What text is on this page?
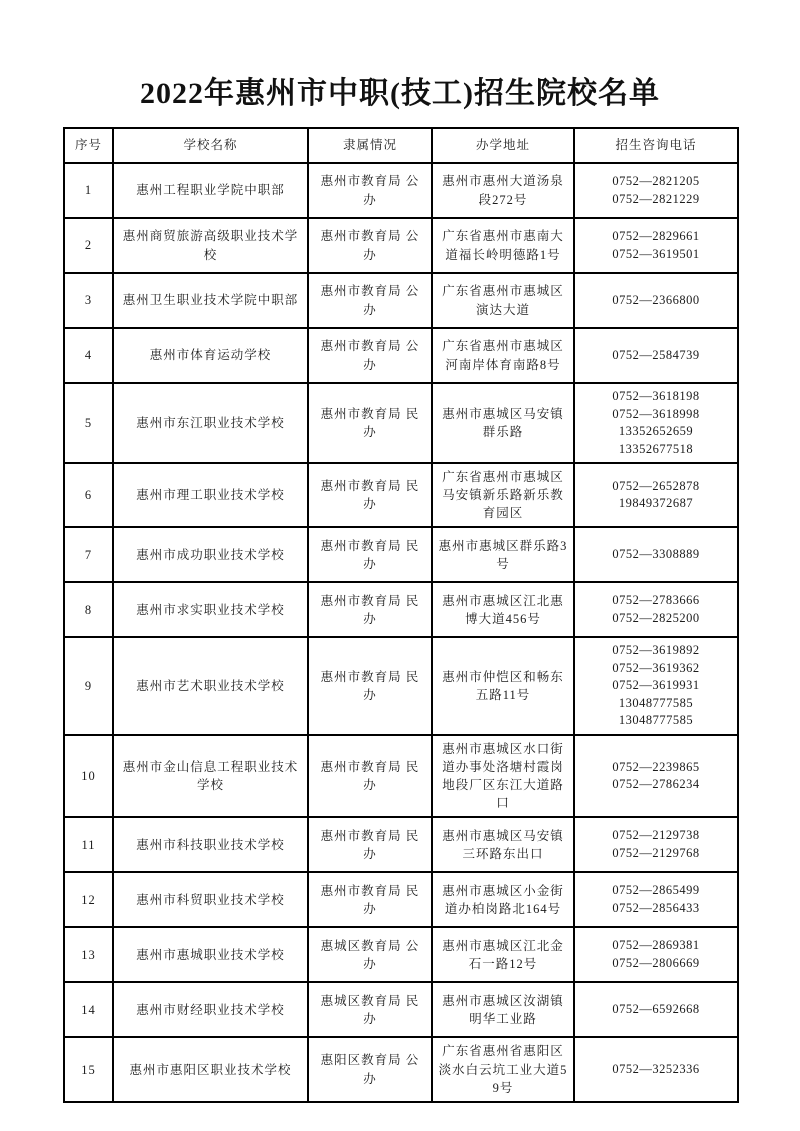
2022年惠州市中职(技工)招生院校名单
序号	学校名称	隶属情况	办学地址	招生咨询电话
1	惠州工程职业学院中职部	惠州市教育局 公办	惠州市惠州大道汤泉段272号	0752—2821205
0752—2821229

2	惠州商贸旅游高级职业技术学校	惠州市教育局 公办	广东省惠州市惠南大道福长岭明德路1号	0752—2829661
0752—3619501

3	惠州卫生职业技术学院中职部	惠州市教育局 公办	广东省惠州市惠城区演达大道	0752—2366800

4	惠州市体育运动学校	惠州市教育局 公办	广东省惠州市惠城区河南岸体育南路8号	0752—2584739

5	惠州市东江职业技术学校	惠州市教育局 民办	惠州市惠城区马安镇群乐路	0752—3618198
0752—3618998
13352652659
13352677518

6	惠州市理工职业技术学校	惠州市教育局 民办	广东省惠州市惠城区马安镇新乐路新乐教育园区	0752—2652878
19849372687

7	惠州市成功职业技术学校	惠州市教育局 民办	惠州市惠城区群乐路3号	0752—3308889

8	惠州市求实职业技术学校	惠州市教育局 民办	惠州市惠城区江北惠博大道456号	0752—2783666
0752—2825200

9	惠州市艺术职业技术学校	惠州市教育局 民办	惠州市仲恺区和畅东五路11号	0752—3619892
0752—3619362
0752—3619931
13048777585
13048777585

10	惠州市金山信息工程职业技术学校	惠州市教育局 民办	惠州市惠城区水口街道办事处洛塘村霞岗地段厂区东江大道路口	0752—2239865
0752—2786234

11	惠州市科技职业技术学校	惠州市教育局 民办	惠州市惠城区马安镇三环路东出口	0752—2129738
0752—2129768

12	惠州市科贸职业技术学校	惠州市教育局 民办	惠州市惠城区小金街道办柏岗路北164号	0752—2865499
0752—2856433

13	惠州市惠城职业技术学校	惠城区教育局 公办	惠州市惠城区江北金石一路12号	0752—2869381
0752—2806669

14	惠州市财经职业技术学校	惠城区教育局 民办	惠州市惠城区汝湖镇明华工业路	0752—6592668

15	惠州市惠阳区职业技术学校	惠阳区教育局 公办	广东省惠州省惠阳区淡水白云坑工业大道59号	0752—3252336
